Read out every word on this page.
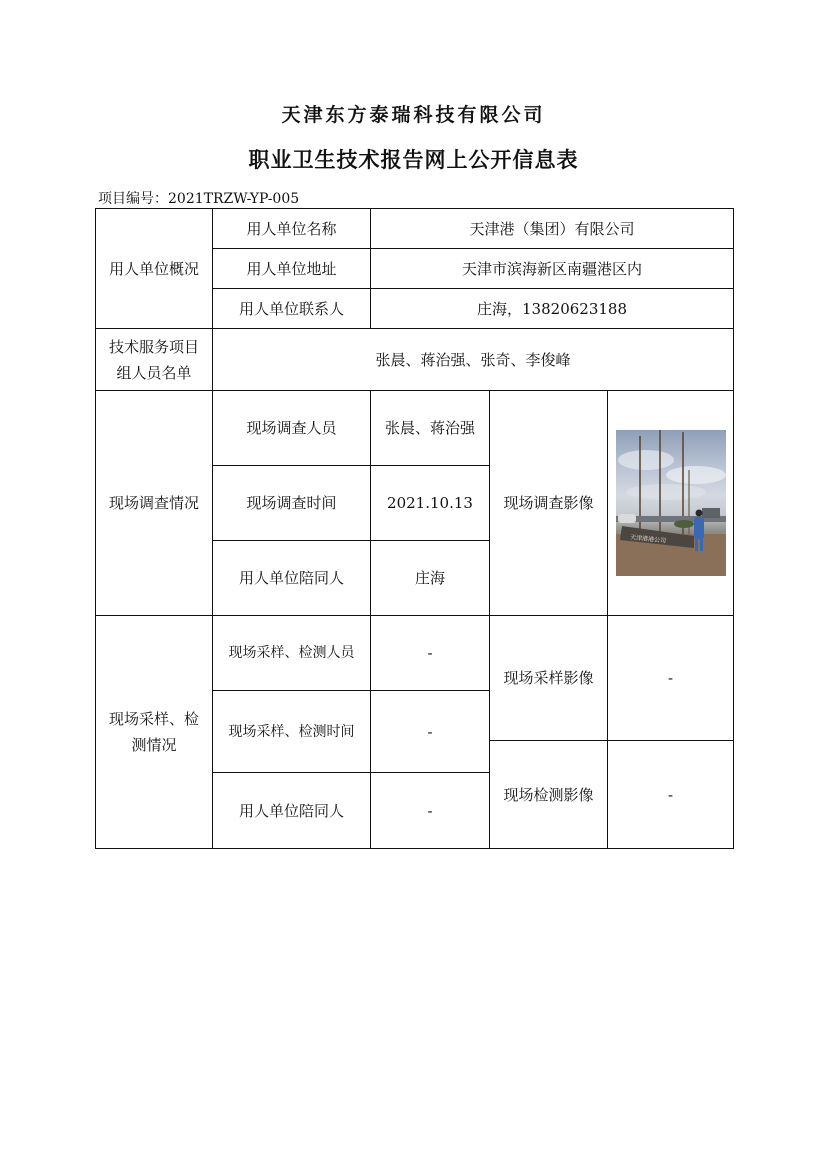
天津东方泰瑞科技有限公司
职业卫生技术报告网上公开信息表
项目编号：2021TRZW-YP-005
用人单位概况	用人单位名称	天津港（集团）有限公司		
	用人单位地址	天津市滨海新区南疆港区内		
	用人单位联系人	庄海，13820623188		
技术服务项目
组人员名单	张晨、蒋治强、张奇、李俊峰			
现场调查情况	现场调查人员	张晨、蒋治强	现场调查影像	天津港港公司

	现场调查时间	2021.10.13		
	用人单位陪同人	庄海		
现场采样、检
测情况	现场采样、检测人员	-	现场采样影像	-
	现场采样、检测时间	-		
			现场检测影像	-
	用人单位陪同人	-		
